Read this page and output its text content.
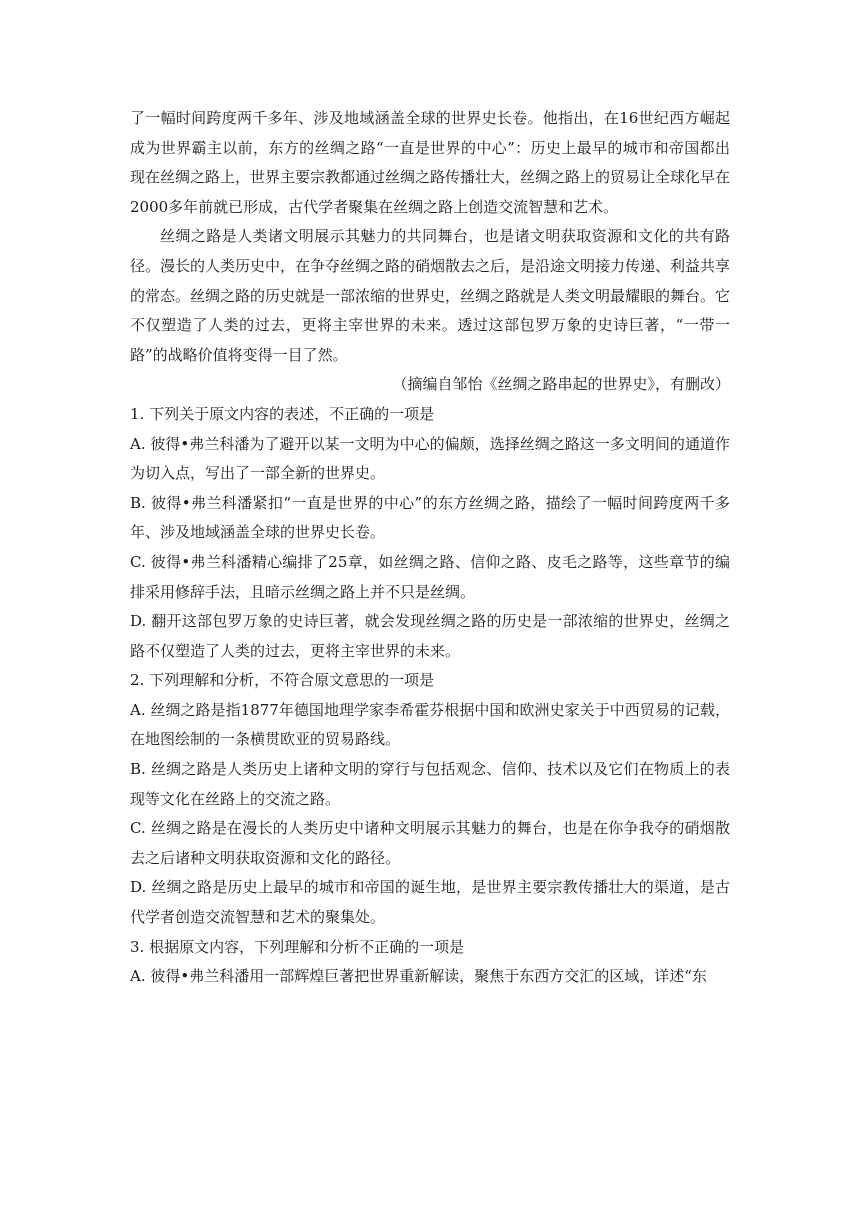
了一幅时间跨度两千多年、涉及地域涵盖全球的世界史长卷。他指出，在16世纪西方崛起成为世界霸主以前，东方的丝绸之路“一直是世界的中心”：历史上最早的城市和帝国都出现在丝绸之路上，世界主要宗教都通过丝绸之路传播壮大，丝绸之路上的贸易让全球化早在2000多年前就已形成，古代学者聚集在丝绸之路上创造交流智慧和艺术。

丝绸之路是人类诸文明展示其魅力的共同舞台，也是诸文明获取资源和文化的共有路径。漫长的人类历史中，在争夺丝绸之路的硝烟散去之后，是沿途文明接力传递、利益共享的常态。丝绸之路的历史就是一部浓缩的世界史，丝绸之路就是人类文明最耀眼的舞台。它不仅塑造了人类的过去，更将主宰世界的未来。透过这部包罗万象的史诗巨著，“一带一路”的战略价值将变得一目了然。

（摘编自邹怡《丝绸之路串起的世界史》，有删改）

1. 下列关于原文内容的表述，不正确的一项是

A. 彼得•弗兰科潘为了避开以某一文明为中心的偏颇，选择丝绸之路这一多文明间的通道作为切入点，写出了一部全新的世界史。

B. 彼得•弗兰科潘紧扣“一直是世界的中心”的东方丝绸之路，描绘了一幅时间跨度两千多年、涉及地域涵盖全球的世界史长卷。

C. 彼得•弗兰科潘精心编排了25章，如丝绸之路、信仰之路、皮毛之路等，这些章节的编排采用修辞手法，且暗示丝绸之路上并不只是丝绸。

D. 翻开这部包罗万象的史诗巨著，就会发现丝绸之路的历史是一部浓缩的世界史，丝绸之路不仅塑造了人类的过去，更将主宰世界的未来。

2. 下列理解和分析，不符合原文意思的一项是

A. 丝绸之路是指1877年德国地理学家李希霍芬根据中国和欧洲史家关于中西贸易的记载，在地图绘制的一条横贯欧亚的贸易路线。

B. 丝绸之路是人类历史上诸种文明的穿行与包括观念、信仰、技术以及它们在物质上的表现等文化在丝路上的交流之路。

C. 丝绸之路是在漫长的人类历史中诸种文明展示其魅力的舞台，也是在你争我夺的硝烟散去之后诸种文明获取资源和文化的路径。

D. 丝绸之路是历史上最早的城市和帝国的诞生地，是世界主要宗教传播壮大的渠道，是古代学者创造交流智慧和艺术的聚集处。

3. 根据原文内容，下列理解和分析不正确的一项是

A. 彼得•弗兰科潘用一部辉煌巨著把世界重新解读，聚焦于东西方交汇的区域，详述“东
